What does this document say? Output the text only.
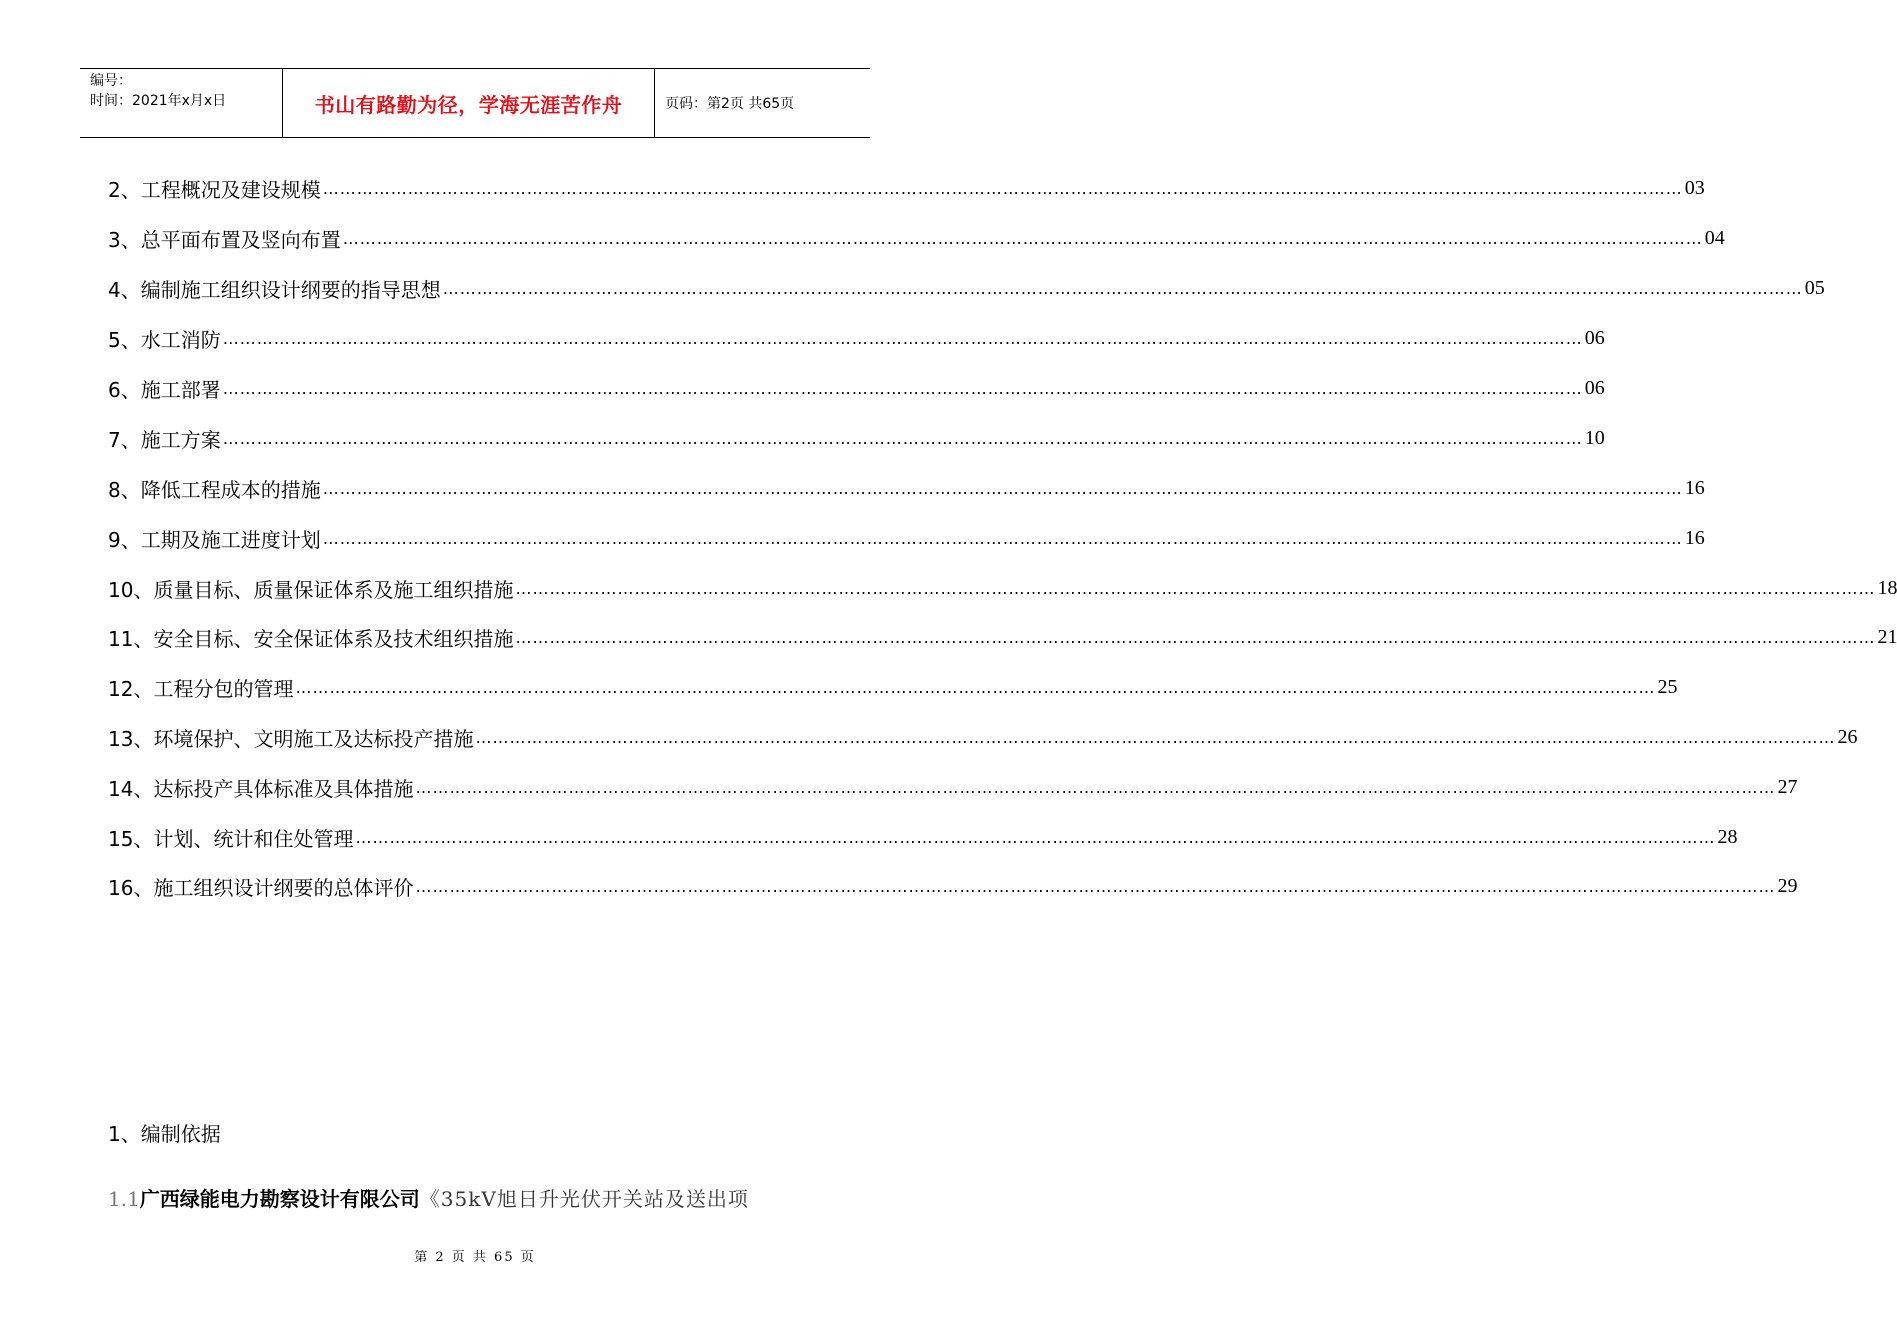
编号：
时间：2021年x月x日	书山有路勤为径，学海无涯苦作舟	页码：第2页 共65页
2、工程概况及建设规模 …………………………………………………………………………………………………………………………………………………………………………………………………………………… 03
3、总平面布置及竖向布置 …………………………………………………………………………………………………………………………………………………………………………………………………………………… 04
4、编制施工组织设计纲要的指导思想 …………………………………………………………………………………………………………………………………………………………………………………………………………………… 05
5、水工消防 …………………………………………………………………………………………………………………………………………………………………………………………………………………… 06
6、施工部署 …………………………………………………………………………………………………………………………………………………………………………………………………………………… 06
7、施工方案 …………………………………………………………………………………………………………………………………………………………………………………………………………………… 10
8、降低工程成本的措施 …………………………………………………………………………………………………………………………………………………………………………………………………………………… 16
9、工期及施工进度计划 …………………………………………………………………………………………………………………………………………………………………………………………………………………… 16
10、质量目标、质量保证体系及施工组织措施 …………………………………………………………………………………………………………………………………………………………………………………………………………………… 18
11、安全目标、安全保证体系及技术组织措施 …………………………………………………………………………………………………………………………………………………………………………………………………………………… 21
12、工程分包的管理 …………………………………………………………………………………………………………………………………………………………………………………………………………………… 25
13、环境保护、文明施工及达标投产措施 …………………………………………………………………………………………………………………………………………………………………………………………………………………… 26
14、达标投产具体标准及具体措施 …………………………………………………………………………………………………………………………………………………………………………………………………………………… 27
15、计划、统计和住处管理 …………………………………………………………………………………………………………………………………………………………………………………………………………………… 28
16、施工组织设计纲要的总体评价 …………………………………………………………………………………………………………………………………………………………………………………………………………………… 29
1、编制依据
1.1广西绿能电力勘察设计有限公司《35kV旭日升光伏开关站及送出项
第 2 页 共 65 页
